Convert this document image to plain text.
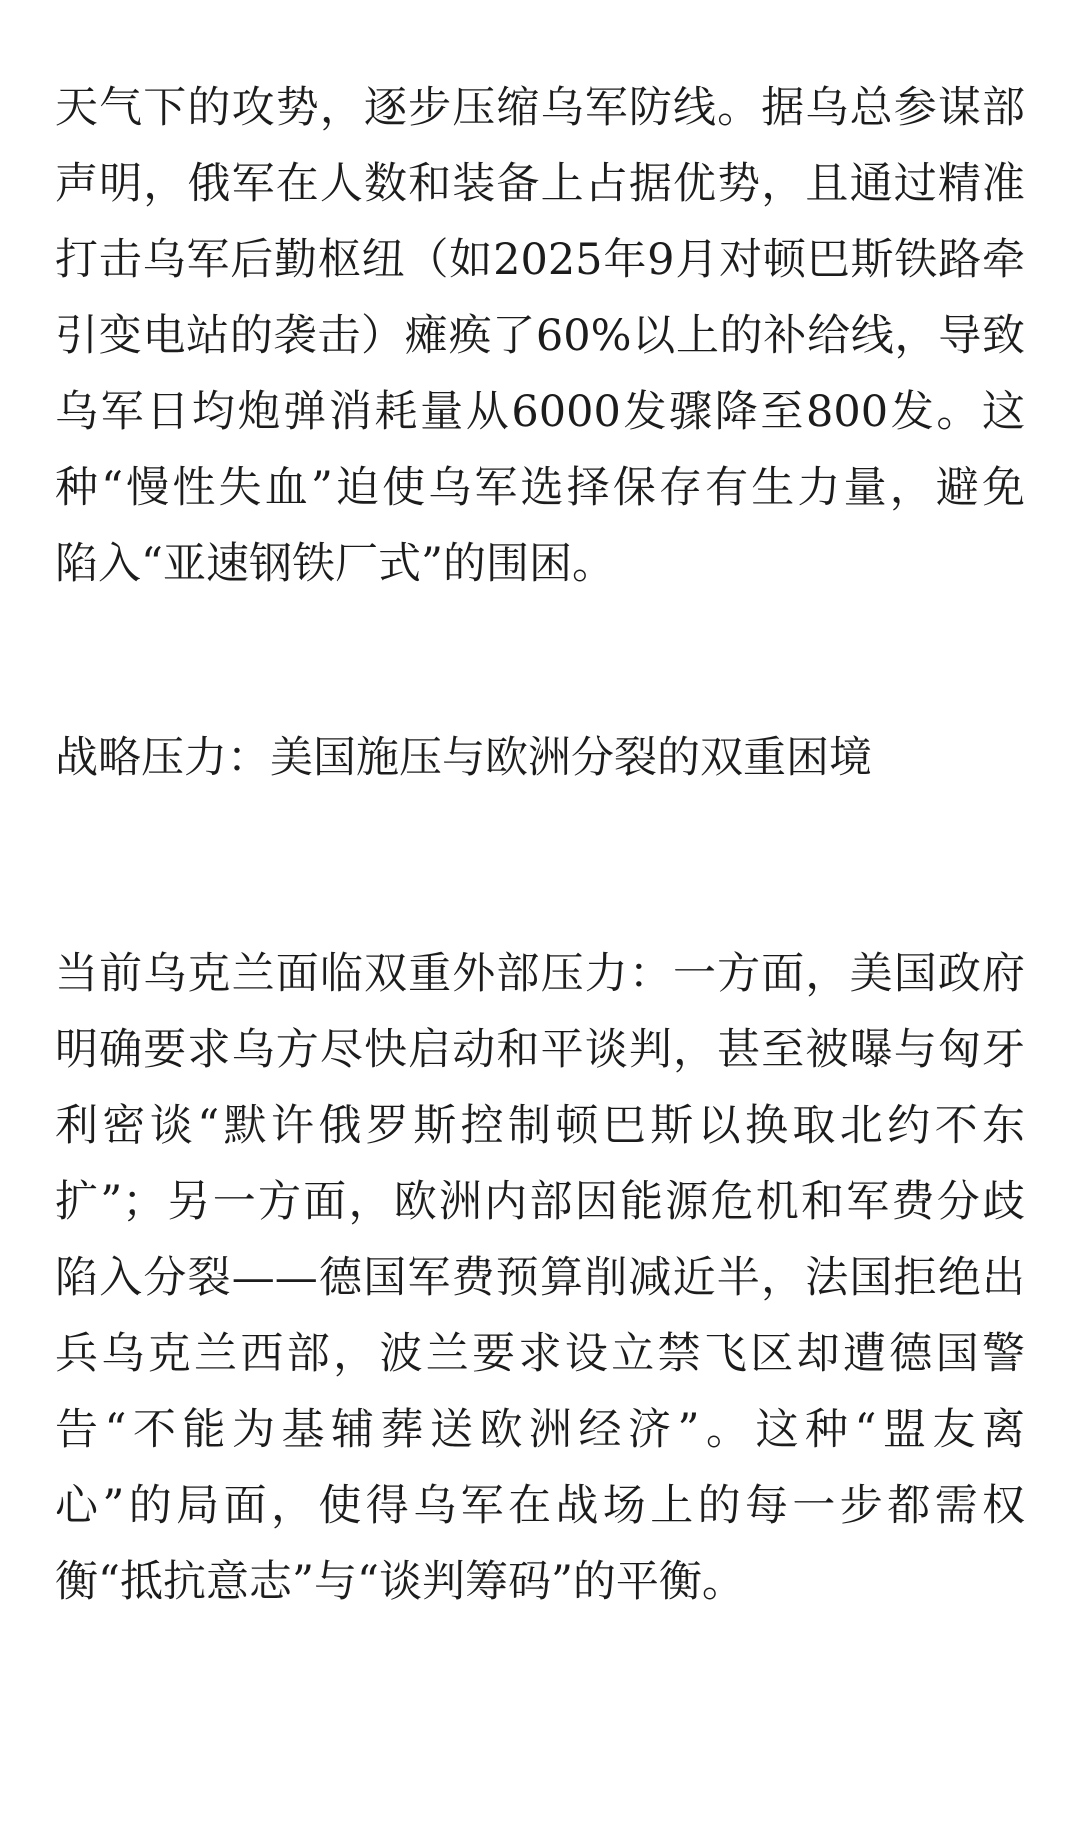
天气下的攻势，逐步压缩乌军防线。据乌总参谋部
声明，俄军在人数和装备上占据优势，且通过精准
打击乌军后勤枢纽（如2025年9月对顿巴斯铁路牵
引变电站的袭击）瘫痪了60%以上的补给线，导致
乌军日均炮弹消耗量从6000发骤降至800发。这
种“慢性失血”迫使乌军选择保存有生力量，避免
陷入“亚速钢铁厂式”的围困。
战略压力：美国施压与欧洲分裂的双重困境
当前乌克兰面临双重外部压力：一方面，美国政府
明确要求乌方尽快启动和平谈判，甚至被曝与匈牙
利密谈“默许俄罗斯控制顿巴斯以换取北约不东
扩”；另一方面，欧洲内部因能源危机和军费分歧
陷入分裂——德国军费预算削减近半，法国拒绝出
兵乌克兰西部，波兰要求设立禁飞区却遭德国警
告“不能为基辅葬送欧洲经济”。这种“盟友离
心”的局面，使得乌军在战场上的每一步都需权
衡“抵抗意志”与“谈判筹码”的平衡。
